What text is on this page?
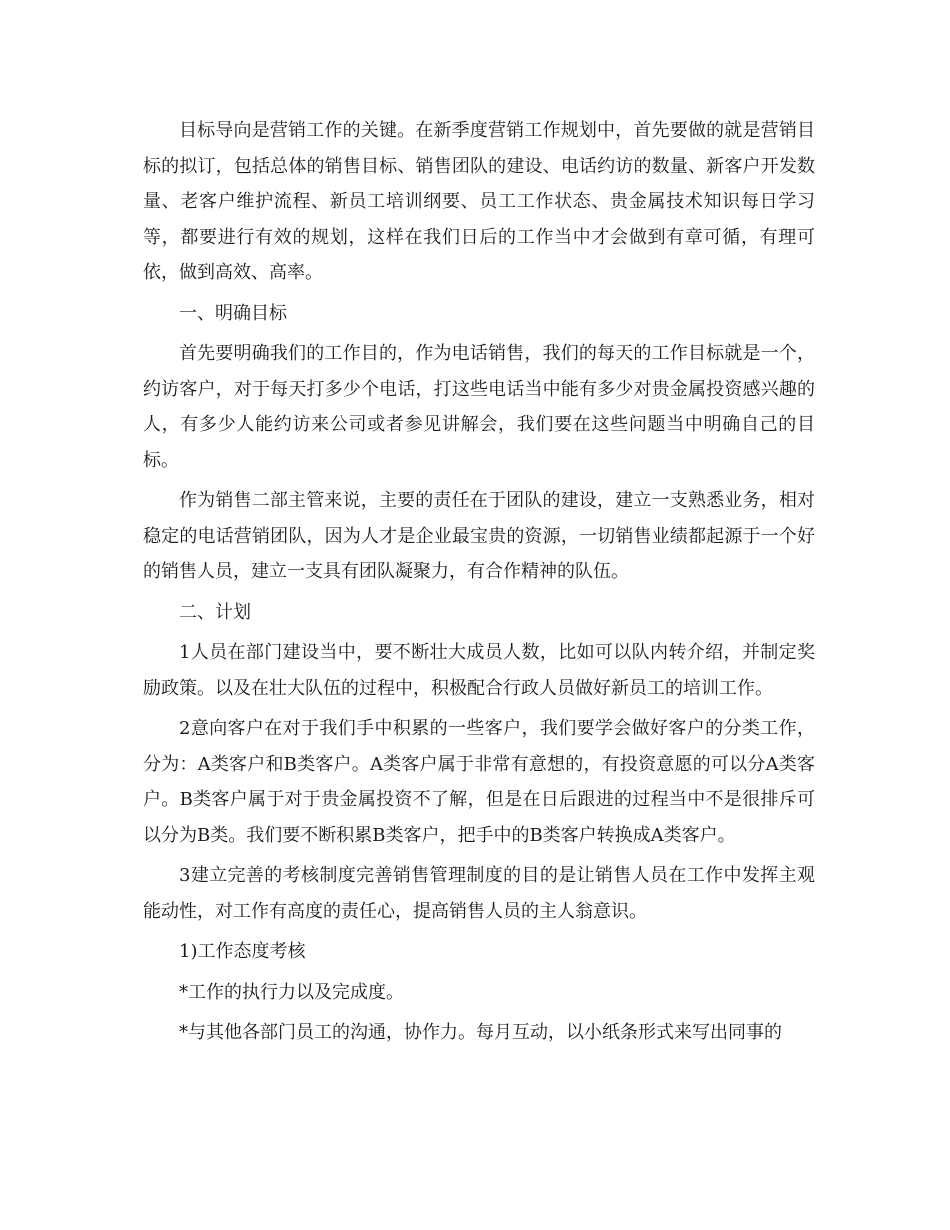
目标导向是营销工作的关键。在新季度营销工作规划中，首先要做的就是营销目标的拟订，包括总体的销售目标、销售团队的建设、电话约访的数量、新客户开发数量、老客户维护流程、新员工培训纲要、员工工作状态、贵金属技术知识每日学习等，都要进行有效的规划，这样在我们日后的工作当中才会做到有章可循，有理可依，做到高效、高率。

一、明确目标

首先要明确我们的工作目的，作为电话销售，我们的每天的工作目标就是一个，约访客户，对于每天打多少个电话，打这些电话当中能有多少对贵金属投资感兴趣的人，有多少人能约访来公司或者参见讲解会，我们要在这些问题当中明确自己的目标。

作为销售二部主管来说，主要的责任在于团队的建设，建立一支熟悉业务，相对稳定的电话营销团队，因为人才是企业最宝贵的资源，一切销售业绩都起源于一个好的销售人员，建立一支具有团队凝聚力，有合作精神的队伍。

二、计划

1人员在部门建设当中，要不断壮大成员人数，比如可以队内转介绍，并制定奖励政策。以及在壮大队伍的过程中，积极配合行政人员做好新员工的培训工作。

2意向客户在对于我们手中积累的一些客户，我们要学会做好客户的分类工作，分为：A类客户和B类客户。A类客户属于非常有意想的，有投资意愿的可以分A类客户。B类客户属于对于贵金属投资不了解，但是在日后跟进的过程当中不是很排斥可以分为B类。我们要不断积累B类客户，把手中的B类客户转换成A类客户。

3建立完善的考核制度完善销售管理制度的目的是让销售人员在工作中发挥主观能动性，对工作有高度的责任心，提高销售人员的主人翁意识。

1)工作态度考核

*工作的执行力以及完成度。

*与其他各部门员工的沟通，协作力。每月互动，以小纸条形式来写出同事的
